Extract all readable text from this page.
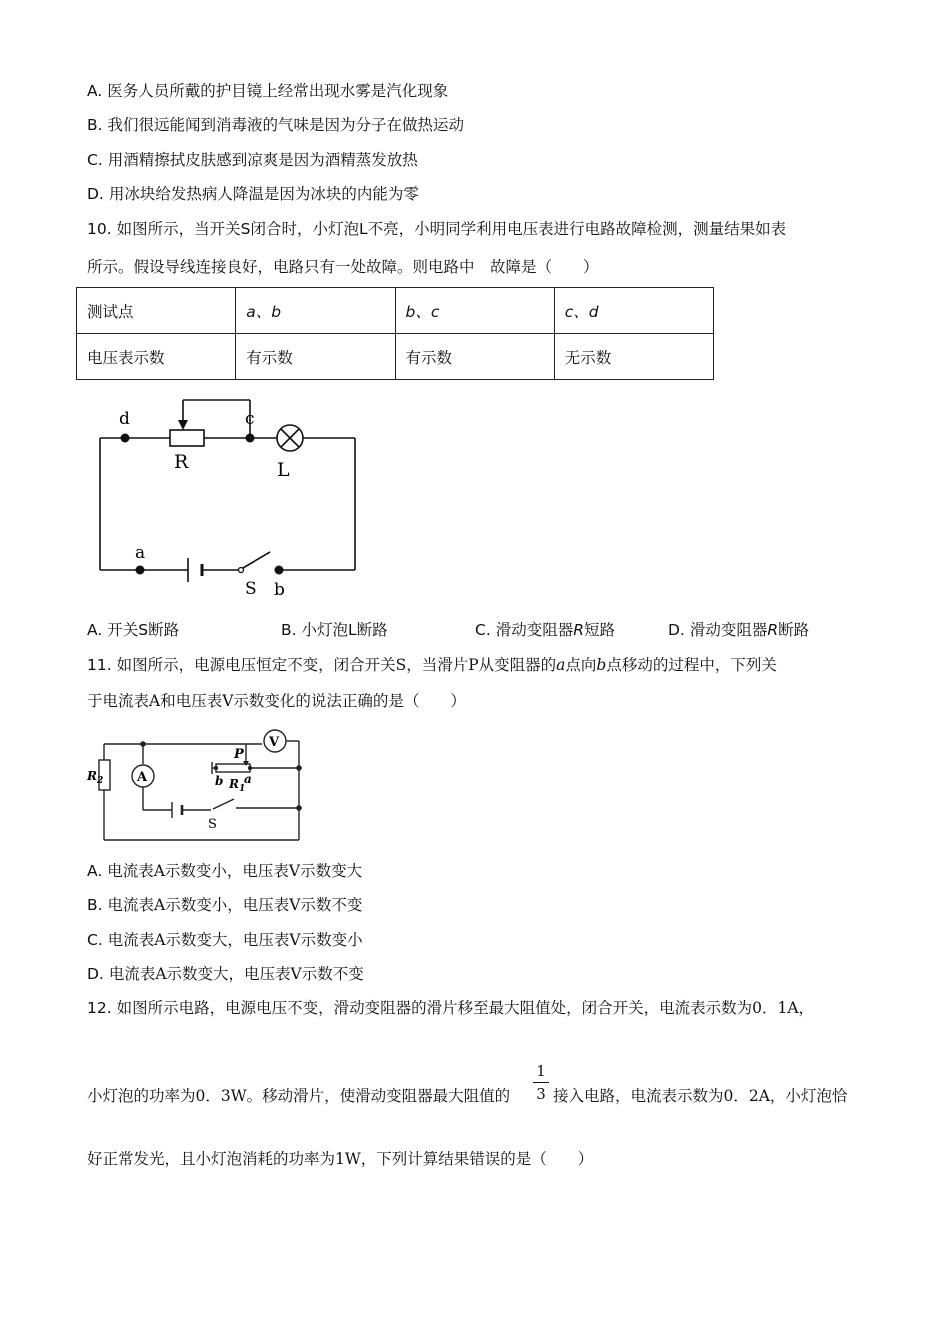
A. 医务人员所戴的护目镜上经常出现水雾是汽化现象
B. 我们很远能闻到消毒液的气味是因为分子在做热运动
C. 用酒精擦拭皮肤感到凉爽是因为酒精蒸发放热
D. 用冰块给发热病人降温是因为冰块的内能为零
10. 如图所示，当开关S闭合时，小灯泡L不亮，小明同学利用电压表进行电路故障检测，测量结果如表
所示。假设导线连接良好，电路只有一处故障。则电路中　故障是（　　）
测试点	a、b	b、c	c、d
电压表示数	有示数	有示数	无示数
d	c
R	L
a
S b
A. 开关S断路	B. 小灯泡L断路	C. 滑动变阻器R短路	D. 滑动变阻器R断路
11. 如图所示，电源电压恒定不变，闭合开关S，当滑片P从变阻器的a点向b点移动的过程中，下列关
于电流表A和电压表V示数变化的说法正确的是（　　）
V
A
P
b $R_1$
a
$R_2$
S
A. 电流表A示数变小，电压表V示数变大
B. 电流表A示数变小，电压表V示数不变
C. 电流表A示数变大，电压表V示数变小
D. 电流表A示数变大，电压表V示数不变
12. 如图所示电路，电源电压不变，滑动变阻器的滑片移至最大阻值处，闭合开关，电流表示数为0．1A，
1
3
小灯泡的功率为0．3W。移动滑片，使滑动变阻器最大阻值的	接入电路，电流表示数为0．2A，小灯泡恰
好正常发光，且小灯泡消耗的功率为1W，下列计算结果错误的是（　　）
